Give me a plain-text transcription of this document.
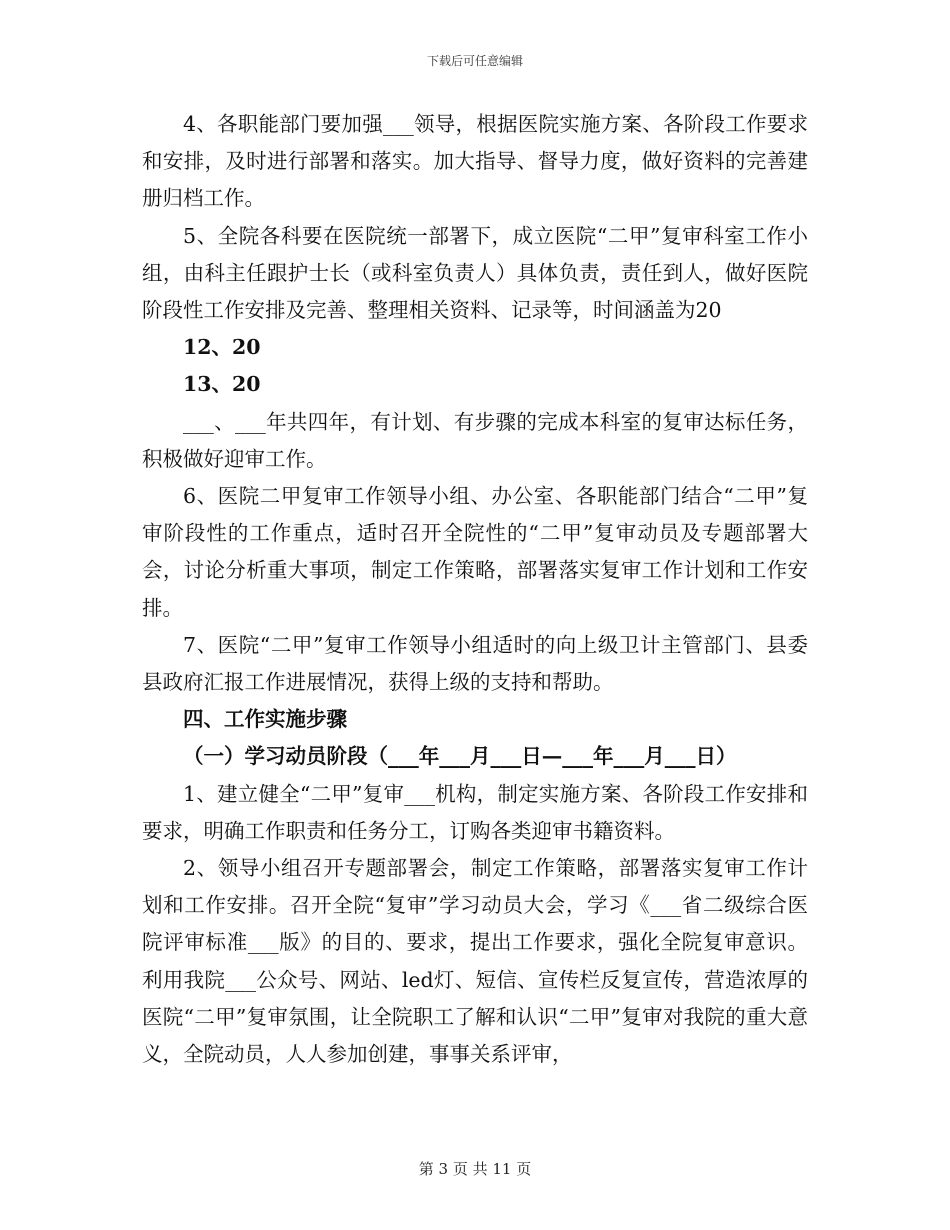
下载后可任意编辑

4、各职能部门要加强___领导，根据医院实施方案、各阶段工作要求和安排，及时进行部署和落实。加大指导、督导力度，做好资料的完善建册归档工作。

5、全院各科要在医院统一部署下，成立医院“二甲”复审科室工作小组，由科主任跟护士长（或科室负责人）具体负责，责任到人，做好医院阶段性工作安排及完善、整理相关资料、记录等，时间涵盖为20

12、20

13、20

___、___年共四年，有计划、有步骤的完成本科室的复审达标任务，积极做好迎审工作。

6、医院二甲复审工作领导小组、办公室、各职能部门结合“二甲”复审阶段性的工作重点，适时召开全院性的“二甲”复审动员及专题部署大会，讨论分析重大事项，制定工作策略，部署落实复审工作计划和工作安排。

7、医院“二甲”复审工作领导小组适时的向上级卫计主管部门、县委县政府汇报工作进展情况，获得上级的支持和帮助。

四、工作实施步骤

（一）学习动员阶段（___年___月___日—___年___月___日）

1、建立健全“二甲”复审___机构，制定实施方案、各阶段工作安排和要求，明确工作职责和任务分工，订购各类迎审书籍资料。

2、领导小组召开专题部署会，制定工作策略，部署落实复审工作计划和工作安排。召开全院“复审”学习动员大会，学习《___省二级综合医院评审标准___版》的目的、要求，提出工作要求，强化全院复审意识。利用我院___公众号、网站、led灯、短信、宣传栏反复宣传，营造浓厚的医院“二甲”复审氛围，让全院职工了解和认识“二甲”复审对我院的重大意义，全院动员，人人参加创建，事事关系评审，

第 3 页 共 11 页
